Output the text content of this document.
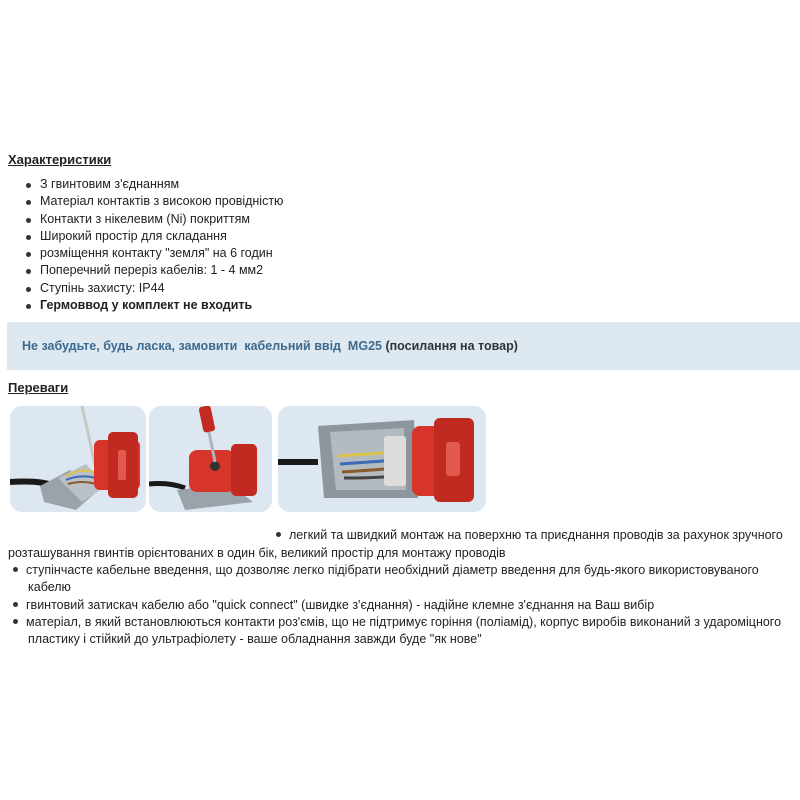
Характеристики
З гвинтовим з'єднанням
Матеріал контактів з високою провідністю
Контакти з нікелевим (Ni) покриттям
Широкий простір для складання
розміщення контакту "земля" на 6 годин
Поперечний переріз кабелів: 1 - 4 мм2
Ступінь захисту: IP44
Гермоввод у комплект не входить
Не забудьте, будь ласка, замовити  кабельний ввід  MG25 (посилання на товар)
Переваги
легкий та швидкий монтаж на поверхню та приєднання проводів за рахунок зручного
розташування гвинтів орієнтованих в один бік, великий простір для монтажу проводів
ступінчасте кабельне введення, що дозволяє легко підібрати необхідний діаметр введення для будь-якого використовуваного
кабелю
гвинтовий затискач кабелю або "quick connect" (швидке з'єднання) - надійне клемне з'єднання на Ваш вибір
матеріал, в який встановлюються контакти роз'ємів, що не підтримує горіння (поліамід), корпус виробів виконаний з удароміцного
пластику і стійкий до ультрафіолету - ваше обладнання завжди буде "як нове"
